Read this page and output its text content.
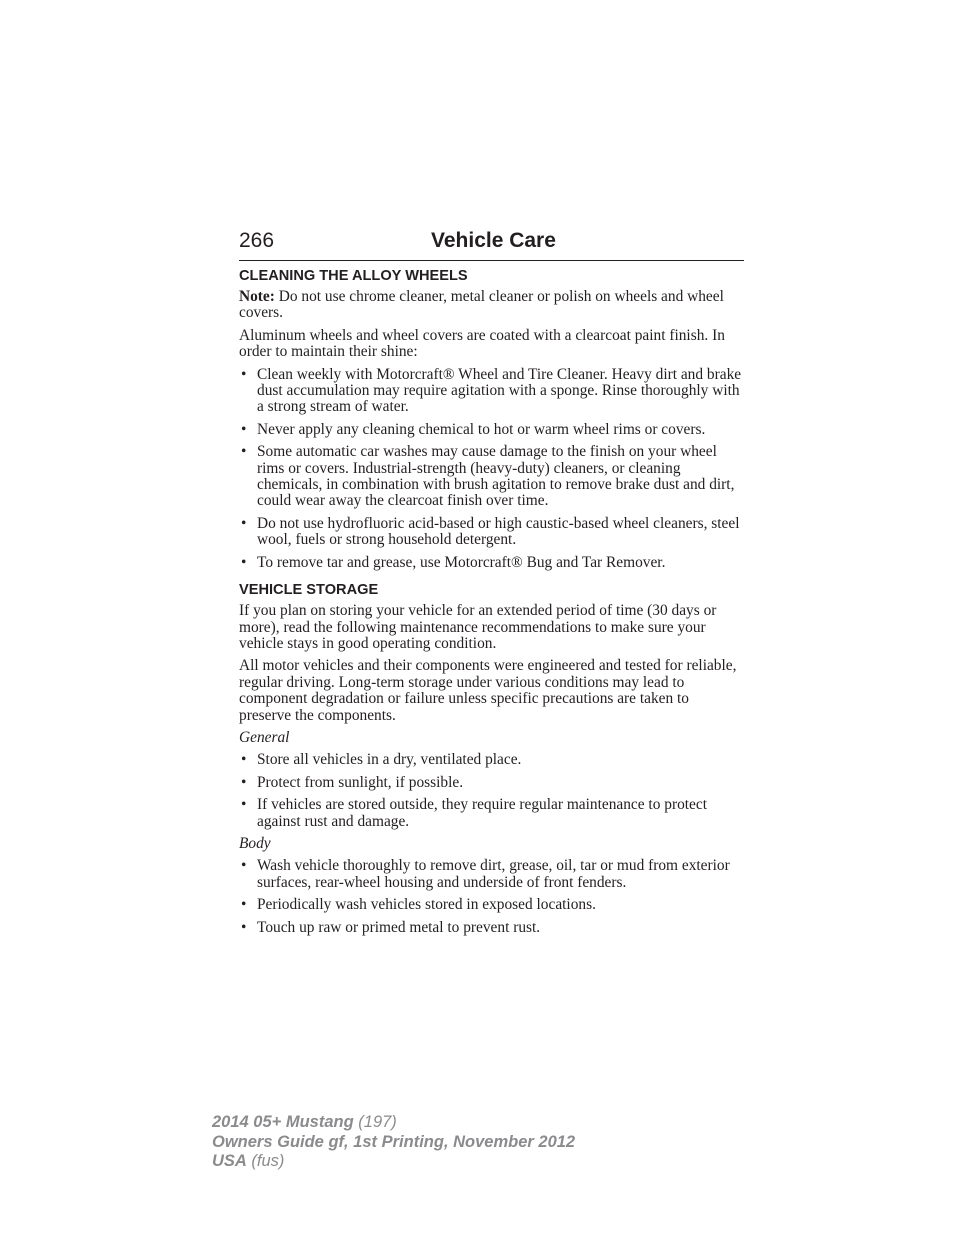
266	Vehicle Care
CLEANING THE ALLOY WHEELS

Note: Do not use chrome cleaner, metal cleaner or polish on wheels and wheel covers.

Aluminum wheels and wheel covers are coated with a clearcoat paint finish. In order to maintain their shine:

• Clean weekly with Motorcraft® Wheel and Tire Cleaner. Heavy dirt and brake dust accumulation may require agitation with a sponge. Rinse thoroughly with a strong stream of water.
• Never apply any cleaning chemical to hot or warm wheel rims or covers.
• Some automatic car washes may cause damage to the finish on your wheel rims or covers. Industrial-strength (heavy-duty) cleaners, or cleaning chemicals, in combination with brush agitation to remove brake dust and dirt, could wear away the clearcoat finish over time.
• Do not use hydrofluoric acid-based or high caustic-based wheel cleaners, steel wool, fuels or strong household detergent.
• To remove tar and grease, use Motorcraft® Bug and Tar Remover.
VEHICLE STORAGE

If you plan on storing your vehicle for an extended period of time (30 days or more), read the following maintenance recommendations to make sure your vehicle stays in good operating condition.

All motor vehicles and their components were engineered and tested for reliable, regular driving. Long-term storage under various conditions may lead to component degradation or failure unless specific precautions are taken to preserve the components.

General

• Store all vehicles in a dry, ventilated place.
• Protect from sunlight, if possible.
• If vehicles are stored outside, they require regular maintenance to protect against rust and damage.

Body

• Wash vehicle thoroughly to remove dirt, grease, oil, tar or mud from exterior surfaces, rear-wheel housing and underside of front fenders.
• Periodically wash vehicles stored in exposed locations.
• Touch up raw or primed metal to prevent rust.
2014 05+ Mustang (197)
Owners Guide gf, 1st Printing, November 2012
USA (fus)
